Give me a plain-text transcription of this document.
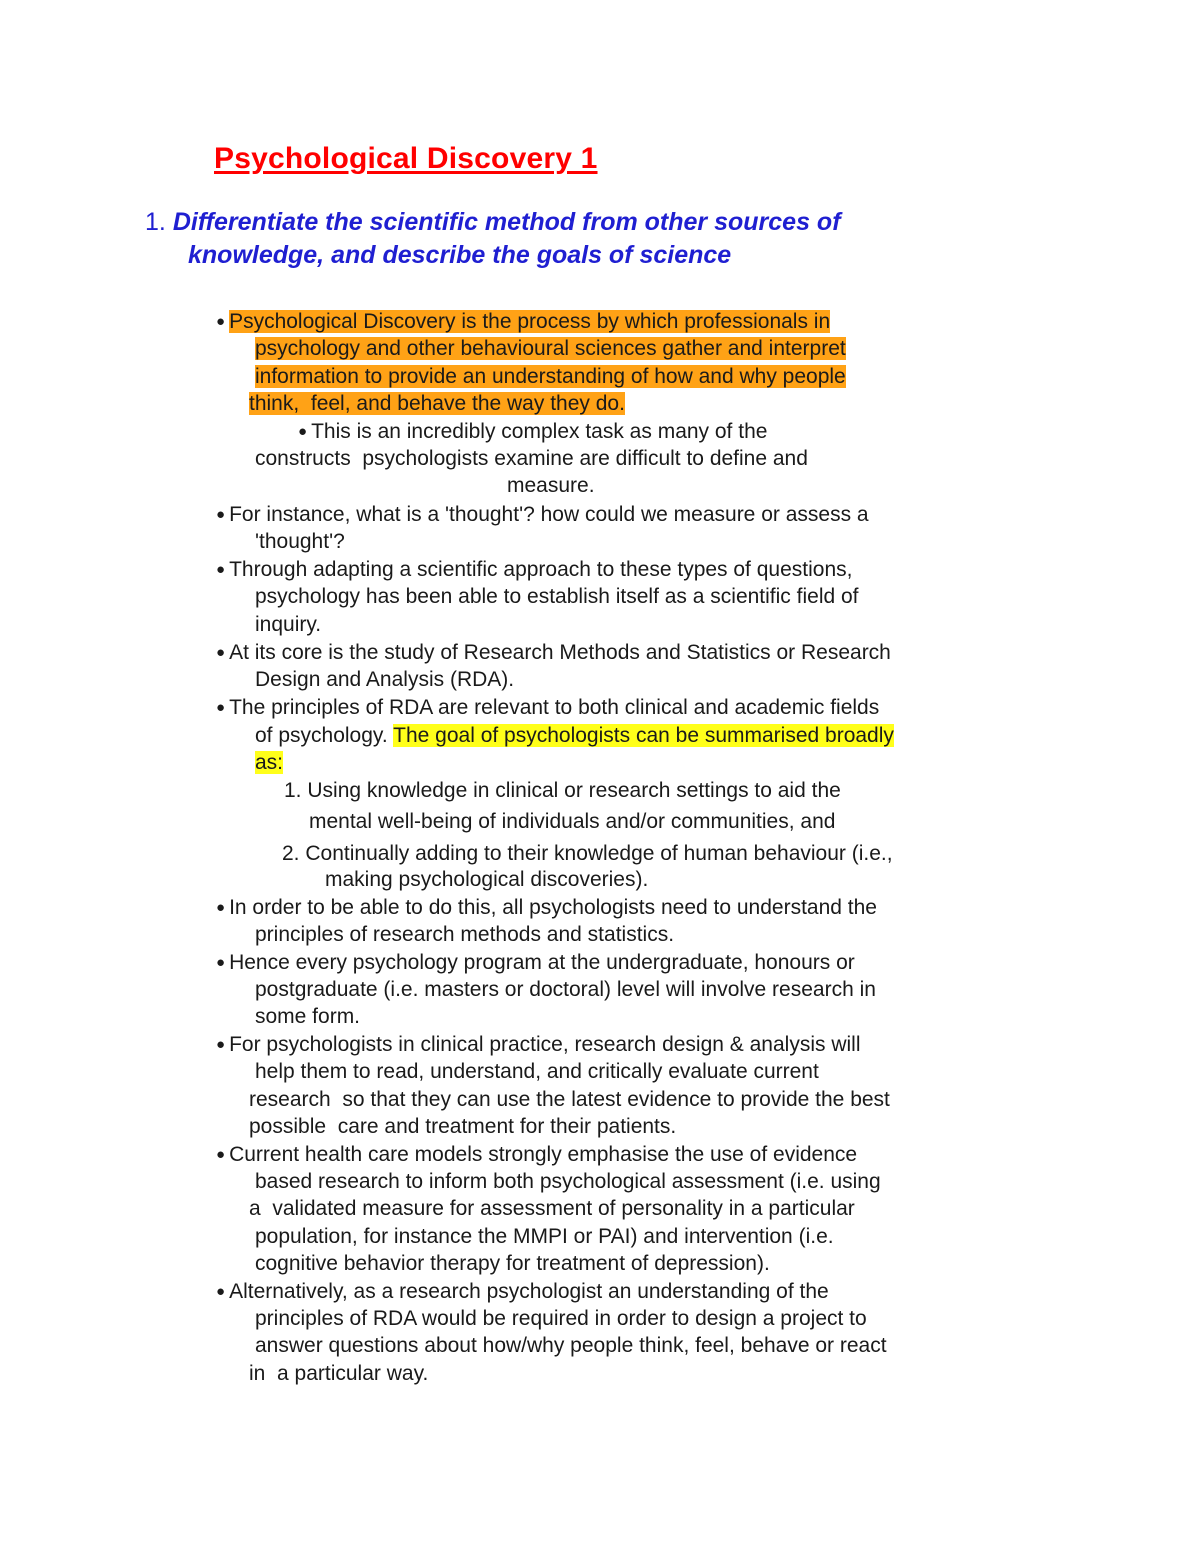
Psychological Discovery 1
1. Differentiate the scientific method from other sources of
knowledge, and describe the goals of science
● Psychological Discovery is the process by which professionals in
psychology and other behavioural sciences gather and interpret
information to provide an understanding of how and why people
think,  feel, and behave the way they do.
● This is an incredibly complex task as many of the
constructs  psychologists examine are difficult to define and
measure.
● For instance, what is a 'thought'? how could we measure or assess a
'thought'?
● Through adapting a scientific approach to these types of questions,
psychology has been able to establish itself as a scientific field of
inquiry.
● At its core is the study of Research Methods and Statistics or Research
Design and Analysis (RDA).
● The principles of RDA are relevant to both clinical and academic fields
of psychology. The goal of psychologists can be summarised broadly
as:
1. Using knowledge in clinical or research settings to aid the
mental well-being of individuals and/or communities, and
2. Continually adding to their knowledge of human behaviour (i.e.,
making psychological discoveries).
● In order to be able to do this, all psychologists need to understand the
principles of research methods and statistics.
● Hence every psychology program at the undergraduate, honours or
postgraduate (i.e. masters or doctoral) level will involve research in
some form.
● For psychologists in clinical practice, research design & analysis will
help them to read, understand, and critically evaluate current
research  so that they can use the latest evidence to provide the best
possible  care and treatment for their patients.
● Current health care models strongly emphasise the use of evidence
based research to inform both psychological assessment (i.e. using
a  validated measure for assessment of personality in a particular
population, for instance the MMPI or PAI) and intervention (i.e.
cognitive behavior therapy for treatment of depression).
● Alternatively, as a research psychologist an understanding of the
principles of RDA would be required in order to design a project to
answer questions about how/why people think, feel, behave or react
in  a particular way.
